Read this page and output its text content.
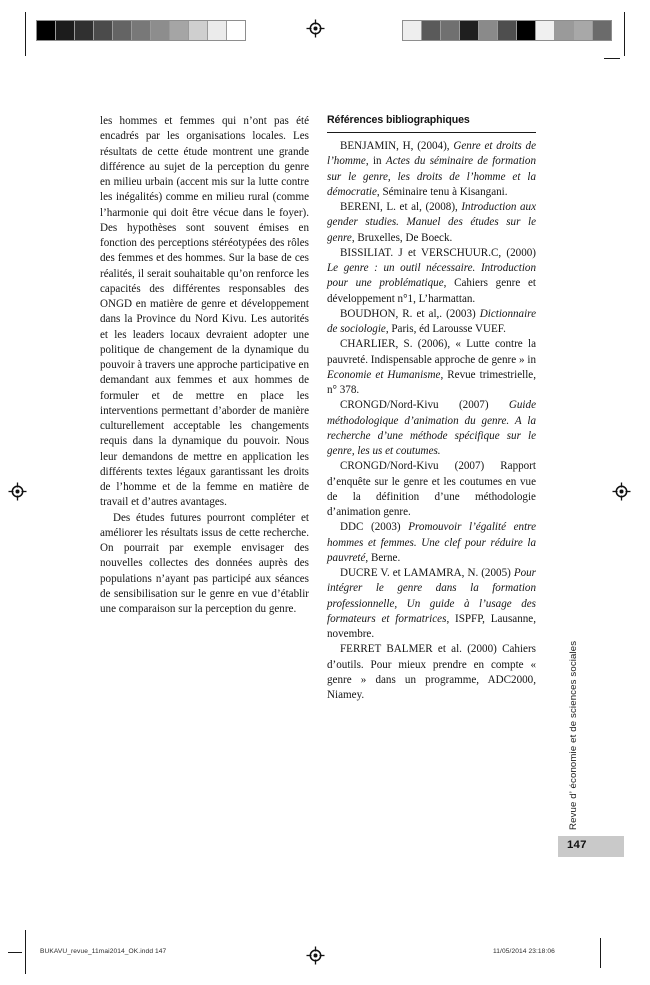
les hommes et femmes qui n’ont pas été encadrés par les organisations locales. Les résultats de cette étude montrent une grande différence au sujet de la perception du genre en milieu urbain (accent mis sur la lutte contre les inégalités) comme en milieu rural (comme l’harmonie qui doit être vécue dans le foyer). Des hypothèses sont souvent émises en fonction des perceptions stéréotypées des rôles des femmes et des hommes. Sur la base de ces réalités, il serait souhaitable qu’on renforce les capacités des différentes responsables des ONGD en matière de genre et développement dans la Province du Nord Kivu. Les autorités et les leaders locaux devraient adopter une politique de changement de la dynamique du pouvoir à travers une approche participative en demandant aux femmes et aux hommes de formuler et de mettre en place les interventions permettant d’aborder de manière culturellement acceptable les changements requis dans la dynamique du pouvoir. Nous leur demandons de mettre en application les différents textes légaux garantissant les droits de l’homme et de la femme en matière de travail et d’autres avantages.

Des études futures pourront compléter et améliorer les résultats issus de cette recherche. On pourrait par exemple envisager des nouvelles collectes des données auprès des populations n’ayant pas participé aux séances de sensibilisation sur le genre en vue d’établir une comparaison sur la perception du genre.

Références bibliographiques

BENJAMIN, H, (2004), Genre et droits de l’homme, in Actes du séminaire de formation sur le genre, les droits de l’homme et la démocratie, Séminaire tenu à Kisangani.

BERENI, L. et al, (2008), Introduction aux gender studies. Manuel des études sur le genre, Bruxelles, De Boeck.

BISSILIAT. J et VERSCHUUR.C, (2000) Le genre : un outil nécessaire. Introduction pour une problématique, Cahiers genre et développement n°1, L’harmattan.

BOUDHON, R. et al,. (2003) Dictionnaire de sociologie, Paris, éd Larousse VUEF.

CHARLIER, S. (2006), « Lutte contre la pauvreté. Indispensable approche de genre » in Economie et Humanisme, Revue trimestrielle, n° 378.

CRONGD/Nord-Kivu (2007) Guide méthodologique d’animation du genre. A la recherche d’une méthode spécifique sur le genre, les us et coutumes.

CRONGD/Nord-Kivu (2007) Rapport d’enquête sur le genre et les coutumes en vue de la définition d’une méthodologie d’animation genre.

DDC (2003) Promouvoir l’égalité entre hommes et femmes. Une clef pour réduire la pauvreté, Berne.

DUCRE V. et LAMAMRA, N. (2005) Pour intégrer le genre dans la formation professionnelle, Un guide à l’usage des formateurs et formatrices, ISPFP, Lausanne, novembre.

FERRET BALMER et al. (2000) Cahiers d’outils. Pour mieux prendre en compte « genre » dans un programme, ADC2000, Niamey.	Revue d’ économie et de sciences sociales
147
BUKAVU_revue_11mai2014_OK.indd 147	11/05/2014 23:18:06
